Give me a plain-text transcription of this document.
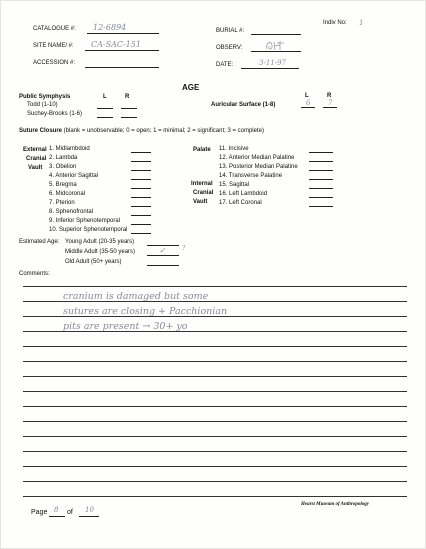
CATALOGUE #: 12-6894	BURIAL #:
Indiv No: 1
SITE NAME/ #: CA-SAC-151	OBSERV:
ACCESSION #:	DATE:	3-11-97
AGE
Public Symphysis	L	R
Todd (1-10)
Suchey-Brooks (1-6)
L	R
Auricular Surface (1-8)	6	7
Suture Closure (blank = unobservable; 0 = open; 1 = minimal; 2 = significant; 3 = complete)
External
Cranial
Vault
1. Midlambdoid
2. Lambda
3. Obelion
4. Anterior Sagittal
5. Bregma
6. Midcoronal
7. Pterion
8. Sphenofrontal
9. Inferior Sphenotemporal
10. Superior Sphenotemporal
Palate
Internal
Cranial
Vault
11. Incisive
12. Anterior Median Palatine
13. Posterior Median Palatine
14. Transverse Palatine
15. Sagittal
16. Left Lambdoid
17. Left Coronal
Estimated Age: Young Adult (20-35 years)
Middle Adult (35-50 years)	✓	?
Old Adult (50+ years)
Comments:
cranium is damaged but some
sutures are closing + Pacchionian
pits are present → 30+ yo
Page 8 of 10
Hearst Museum of Anthropology
